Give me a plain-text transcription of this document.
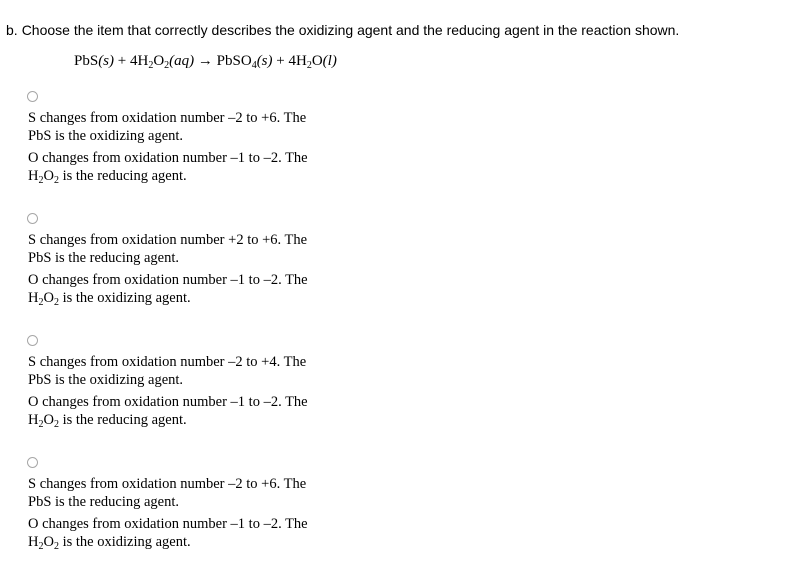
b. Choose the item that correctly describes the oxidizing agent and the reducing agent in the reaction shown.
$PbS(s) + 4H_2O_2(aq)$ → PbSO$_4$(s) + $4H_2O(l)$
S changes from oxidation number –2 to +6. The
PbS is the oxidizing agent.
O changes from oxidation number –1 to –2. The
$H_2O_2$ is the reducing agent.
S changes from oxidation number +2 to +6. The
PbS is the reducing agent.
O changes from oxidation number –1 to –2. The
$H_2O_2$ is the oxidizing agent.
S changes from oxidation number –2 to +4. The
PbS is the oxidizing agent.
O changes from oxidation number –1 to –2. The
$H_2O_2$ is the reducing agent.
S changes from oxidation number –2 to +6. The
PbS is the reducing agent.
O changes from oxidation number –1 to –2. The
$H_2O_2$ is the oxidizing agent.
